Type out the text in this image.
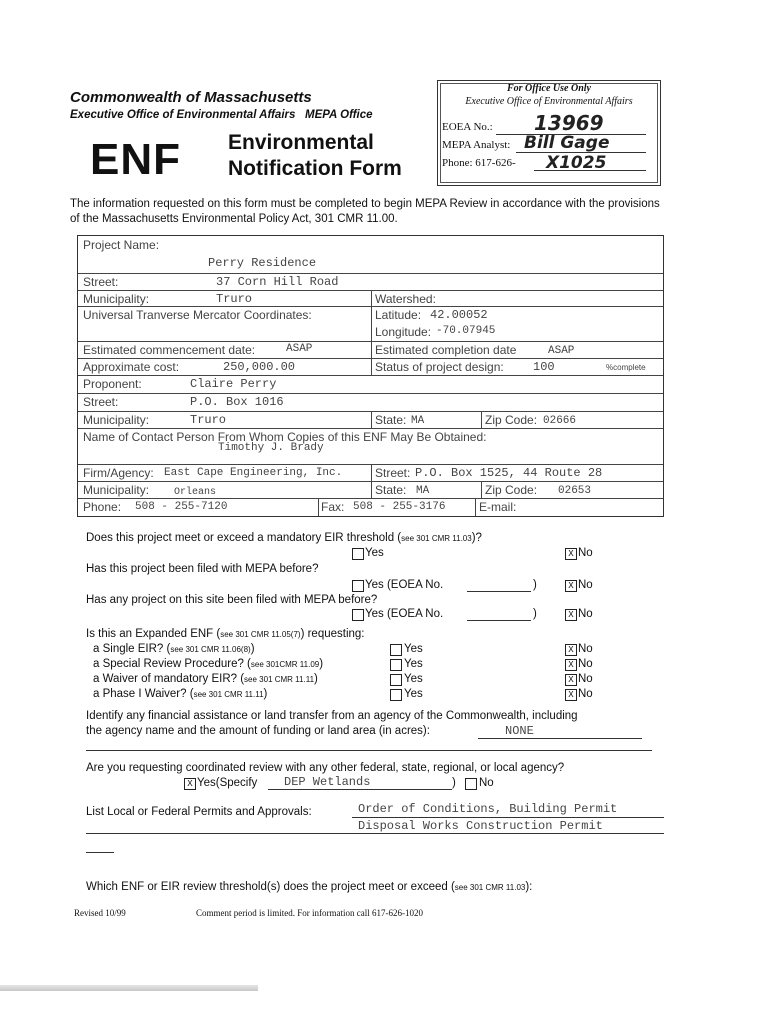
Commonwealth of Massachusetts
Executive Office of Environmental Affairs MEPA Office
ENF Environmental
Notification Form
For Office Use Only
Executive Office of Environmental Affairs
EOEA No.: 13969
MEPA Analyst: Bill Gage
Phone: 617-626- X1025
The information requested on this form must be completed to begin MEPA Review in accordance with the provisions of the Massachusetts Environmental Policy Act, 301 CMR 11.00.
Project Name:
Perry Residence
Street:	37 Corn Hill Road
Municipality:	Truro	Watershed:
Universal Tranverse Mercator Coordinates:	Latitude: 42.00052
Longitude: -70.07945
Estimated commencement date:	ASAP	Estimated completion date	ASAP
Approximate cost:	250,000.00	Status of project design: 100	%complete
Proponent:	Claire Perry
Street:	P.O. Box 1016
Municipality:	Truro	State: MA	Zip Code: 02666
Name of Contact Person From Whom Copies of this ENF May Be Obtained:
Timothy J. Brady
Firm/Agency: East Cape Engineering, Inc.	Street: P.O. Box 1525, 44 Route 28
Municipality: Orleans	State: MA	Zip Code: 02653
Phone: 508 - 255-7120	Fax: 508 - 255-3176	E-mail:
Does this project meet or exceed a mandatory EIR threshold (see 301 CMR 11.03)?
Yes	X No
Has this project been filed with MEPA before?
Yes (EOEA No.	)	X No
Has any project on this site been filed with MEPA before?
Yes (EOEA No.	)	X No
Is this an Expanded ENF (see 301 CMR 11.05(7)) requesting:
a Single EIR? (see 301 CMR 11.06(8))	Yes	X No
a Special Review Procedure? (see 301CMR 11.09)	Yes	X No
a Waiver of mandatory EIR? (see 301 CMR 11.11)	Yes	X No
a Phase I Waiver? (see 301 CMR 11.11)	Yes	X No
Identify any financial assistance or land transfer from an agency of the Commonwealth, including
the agency name and the amount of funding or land area (in acres):	NONE
Are you requesting coordinated review with any other federal, state, regional, or local agency?
X Yes(Specify DEP Wetlands	) No
List Local or Federal Permits and Approvals:	Order of Conditions, Building Permit
Disposal Works Construction Permit
Which ENF or EIR review threshold(s) does the project meet or exceed (see 301 CMR 11.03):
Revised 10/99	Comment period is limited. For information call 617-626-1020
